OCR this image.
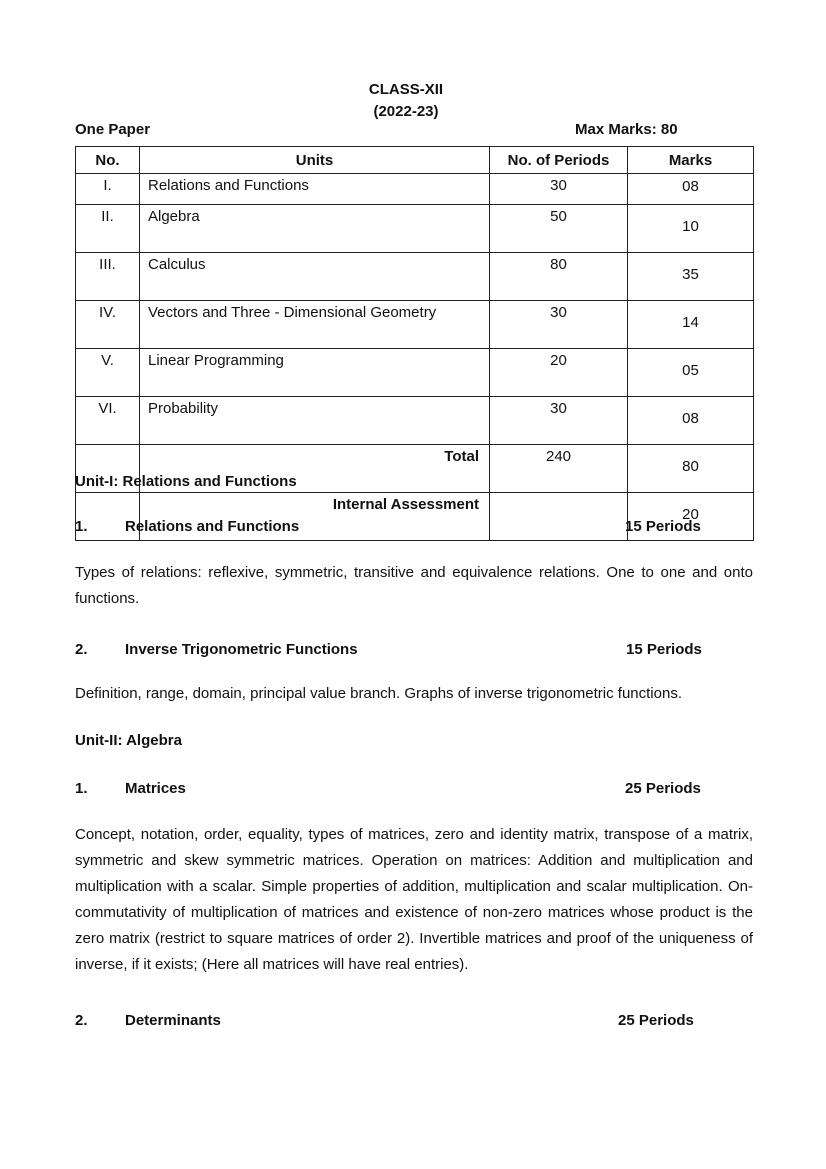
CLASS-XII
(2022-23)
One Paper	Max Marks: 80
No.	Units	No. of Periods	Marks
I.	Relations and Functions	30	08
II.	Algebra	50	10
III.	Calculus	80	35
IV.	Vectors and Three - Dimensional Geometry	30	14
V.	Linear Programming	20	05
VI.	Probability	30	08
	Total	240	80
	Internal Assessment		20
Unit-I: Relations and Functions
1. Relations and Functions	15 Periods
Types of relations: reflexive, symmetric, transitive and equivalence relations. One to one and onto functions.
2. Inverse Trigonometric Functions	15 Periods
Definition, range, domain, principal value branch. Graphs of inverse trigonometric functions.
Unit-II: Algebra
1. Matrices	25 Periods
Concept, notation, order, equality, types of matrices, zero and identity matrix, transpose of a matrix, symmetric and skew symmetric matrices. Operation on matrices: Addition and multiplication and multiplication with a scalar. Simple properties of addition, multiplication and scalar multiplication. On-commutativity of multiplication of matrices and existence of non-zero matrices whose product is the zero matrix (restrict to square matrices of order 2). Invertible matrices and proof of the uniqueness of inverse, if it exists; (Here all matrices will have real entries).
2. Determinants	25 Periods
